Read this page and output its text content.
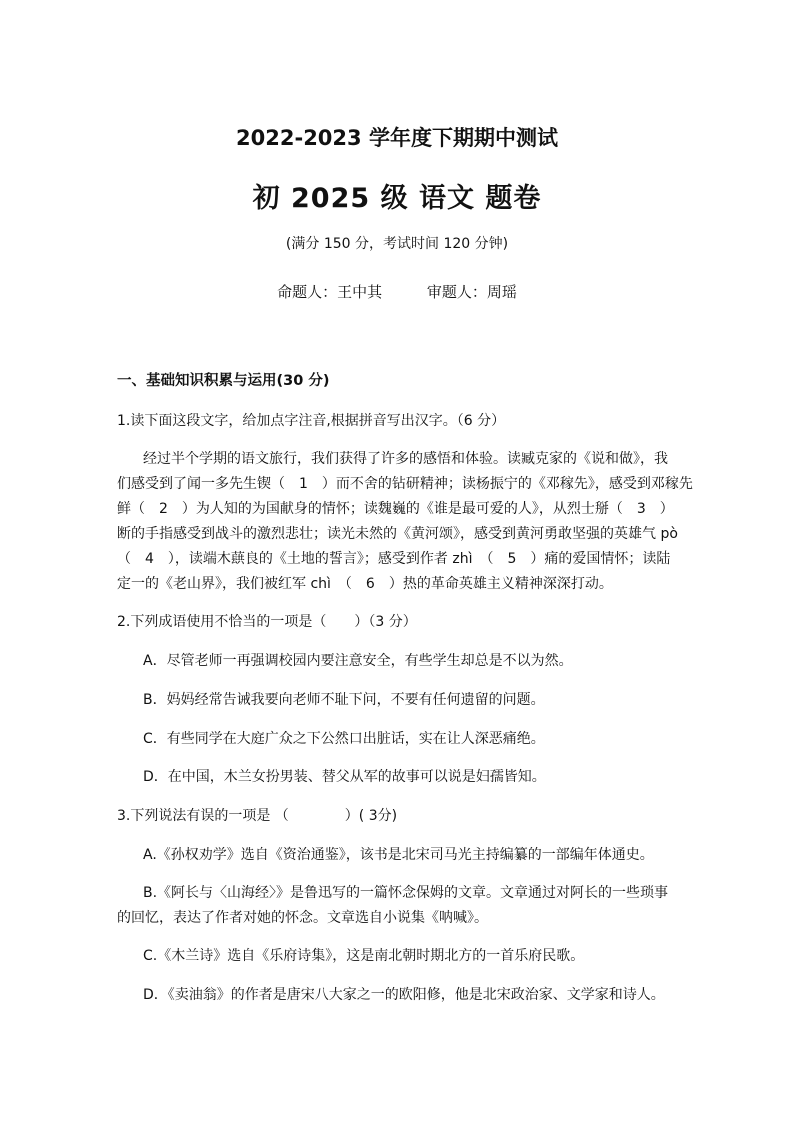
2022-2023 学年度下期期中测试
初 2025 级 语文 题卷
(满分 150 分，考试时间 120 分钟)
命题人：王中其	审题人：周瑶
一、基础知识积累与运用(30 分)
1.读下面这段文字，给加点字注音,根据拼音写出汉字。（6 分）
经过半个学期的语文旅行，我们获得了许多的感悟和体验。读臧克家的《说和做》，我
们感受到了闻一多先生锲（　1　）而不舍的钻研精神；读杨振宁的《邓稼先》，感受到邓稼先
鲜（　2　）为人知的为国献身的情怀；读魏巍的《谁是最可爱的人》，从烈士掰（　3　）
断的手指感受到战斗的激烈悲壮；读光未然的《黄河颂》，感受到黄河勇敢坚强的英雄气 pò
（　4　），读端木蕻良的《土地的誓言》；感受到作者 zhì　（　5　）痛的爱国情怀；读陆
定一的《老山界》，我们被红军 chì　（　6　）热的革命英雄主义精神深深打动。
2.下列成语使用不恰当的一项是（　　）（3 分）
A．尽管老师一再强调校园内要注意安全，有些学生却总是不以为然。
B．妈妈经常告诫我要向老师不耻下问，不要有任何遗留的问题。
C．有些同学在大庭广众之下公然口出脏话，实在让人深恶痛绝。
D．在中国，木兰女扮男装、替父从军的故事可以说是妇孺皆知。
3.下列说法有误的一项是 （　　　　）( 3分)
A.《孙权劝学》选自《资治通鉴》，该书是北宋司马光主持编纂的一部编年体通史。
B.《阿长与〈山海经〉》是鲁迅写的一篇怀念保姆的文章。文章通过对阿长的一些琐事
的回忆，表达了作者对她的怀念。文章选自小说集《呐喊》。
C.《木兰诗》选自《乐府诗集》，这是南北朝时期北方的一首乐府民歌。
D．《卖油翁》的作者是唐宋八大家之一的欧阳修，他是北宋政治家、文学家和诗人。
